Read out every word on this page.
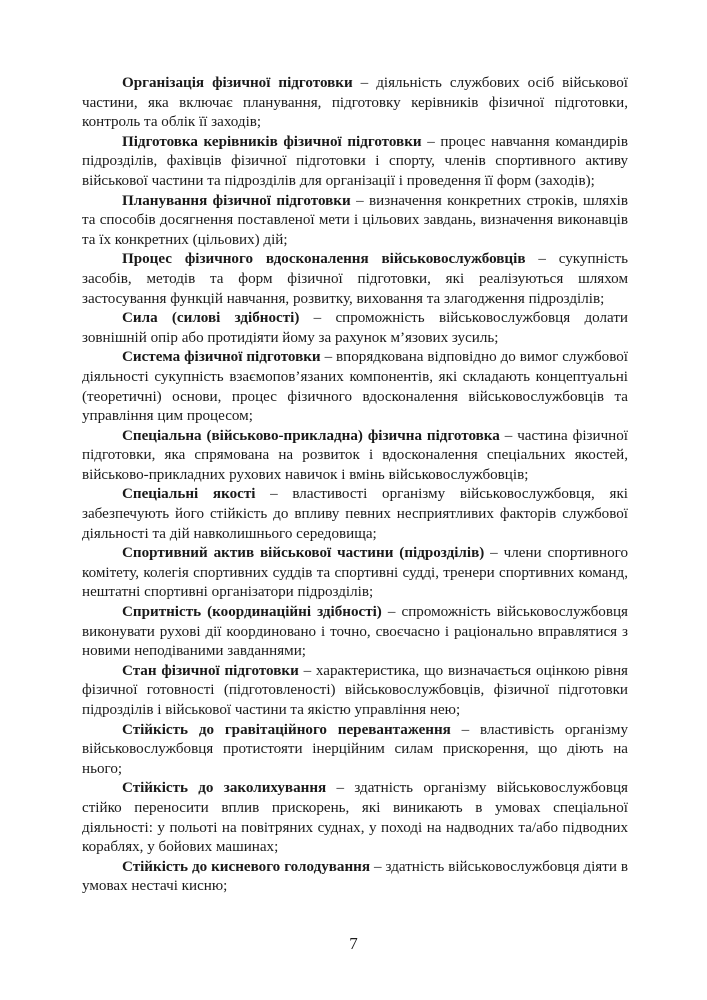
Організація фізичної підготовки – діяльність службових осіб військової частини, яка включає планування, підготовку керівників фізичної підготовки, контроль та облік її заходів;

Підготовка керівників фізичної підготовки – процес навчання командирів підрозділів, фахівців фізичної підготовки і спорту, членів спортивного активу військової частини та підрозділів для організації і проведення її форм (заходів);

Планування фізичної підготовки – визначення конкретних строків, шляхів та способів досягнення поставленої мети і цільових завдань, визначення виконавців та їх конкретних (цільових) дій;

Процес фізичного вдосконалення військовослужбовців – сукупність засобів, методів та форм фізичної підготовки, які реалізуються шляхом застосування функцій навчання, розвитку, виховання та злагодження підрозділів;

Сила (силові здібності) – спроможність військовослужбовця долати зовнішній опір або протидіяти йому за рахунок м’язових зусиль;

Система фізичної підготовки – впорядкована відповідно до вимог службової діяльності сукупність взаємопов’язаних компонентів, які складають концептуальні (теоретичні) основи, процес фізичного вдосконалення військовослужбовців та управління цим процесом;

Спеціальна (військово-прикладна) фізична підготовка – частина фізичної підготовки, яка спрямована на розвиток і вдосконалення спеціальних якостей, військово-прикладних рухових навичок і вмінь військовослужбовців;

Спеціальні якості – властивості організму військовослужбовця, які забезпечують його стійкість до впливу певних несприятливих факторів службової діяльності та дій навколишнього середовища;

Спортивний актив військової частини (підрозділів) – члени спортивного комітету, колегія спортивних суддів та спортивні судді, тренери спортивних команд, нештатні спортивні організатори підрозділів;

Спритність (координаційні здібності) – спроможність військовослужбовця виконувати рухові дії координовано і точно, своєчасно і раціонально вправлятися з новими неподіваними завданнями;

Стан фізичної підготовки – характеристика, що визначається оцінкою рівня фізичної готовності (підготовленості) військовослужбовців, фізичної підготовки підрозділів і військової частини та якістю управління нею;

Стійкість до гравітаційного перевантаження – властивість організму військовослужбовця протистояти інерційним силам прискорення, що діють на нього;

Стійкість до заколихування – здатність організму військовослужбовця стійко переносити вплив прискорень, які виникають в умовах спеціальної діяльності: у польоті на повітряних суднах, у поході на надводних та/або підводних кораблях, у бойових машинах;

Стійкість до кисневого голодування – здатність військовослужбовця діяти в умовах нестачі кисню;

7
